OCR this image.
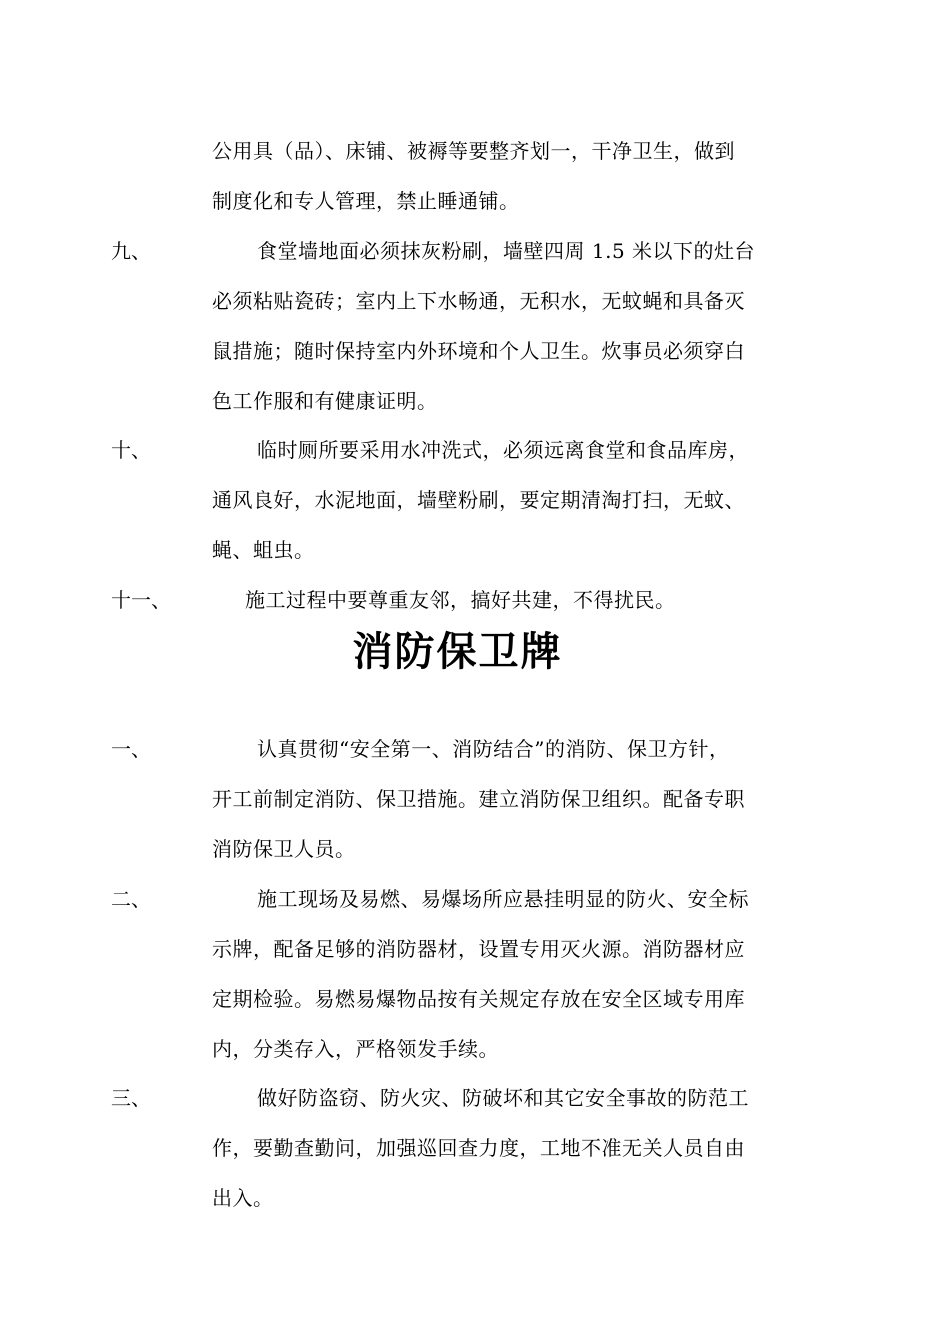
公用具（品）、床铺、被褥等要整齐划一，干净卫生，做到
制度化和专人管理，禁止睡通铺。
九、	食堂墙地面必须抹灰粉刷，墙壁四周 1.5 米以下的灶台
必须粘贴瓷砖；室内上下水畅通，无积水，无蚊蝇和具备灭
鼠措施；随时保持室内外环境和个人卫生。炊事员必须穿白
色工作服和有健康证明。
十、	临时厕所要采用水冲洗式，必须远离食堂和食品库房，
通风良好，水泥地面，墙壁粉刷，要定期清淘打扫，无蚊、
蝇、蛆虫。
十一、	施工过程中要尊重友邻，搞好共建，不得扰民。
消防保卫牌
一、	认真贯彻“安全第一、消防结合”的消防、保卫方针，
开工前制定消防、保卫措施。建立消防保卫组织。配备专职
消防保卫人员。
二、	施工现场及易燃、易爆场所应悬挂明显的防火、安全标
示牌，配备足够的消防器材，设置专用灭火源。消防器材应
定期检验。易燃易爆物品按有关规定存放在安全区域专用库
内，分类存入，严格领发手续。
三、	做好防盗窃、防火灾、防破坏和其它安全事故的防范工
作，要勤查勤问，加强巡回查力度，工地不准无关人员自由
出入。
